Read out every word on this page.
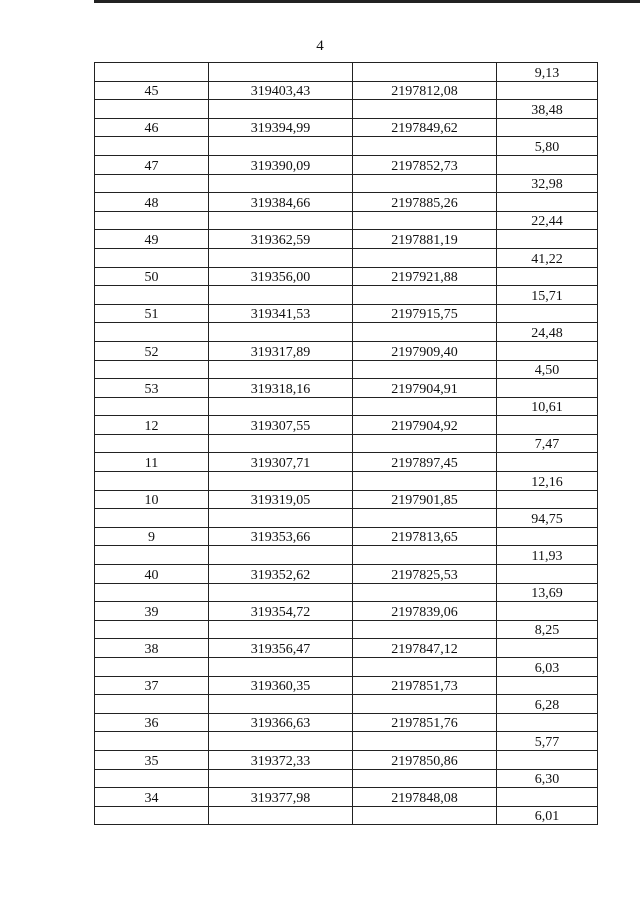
4
			9,13
45	319403,43	2197812,08	
			38,48
46	319394,99	2197849,62	
			5,80
47	319390,09	2197852,73	
			32,98
48	319384,66	2197885,26	
			22,44
49	319362,59	2197881,19	
			41,22
50	319356,00	2197921,88	
			15,71
51	319341,53	2197915,75	
			24,48
52	319317,89	2197909,40	
			4,50
53	319318,16	2197904,91	
			10,61
12	319307,55	2197904,92	
			7,47
11	319307,71	2197897,45	
			12,16
10	319319,05	2197901,85	
			94,75
9	319353,66	2197813,65	
			11,93
40	319352,62	2197825,53	
			13,69
39	319354,72	2197839,06	
			8,25
38	319356,47	2197847,12	
			6,03
37	319360,35	2197851,73	
			6,28
36	319366,63	2197851,76	
			5,77
35	319372,33	2197850,86	
			6,30
34	319377,98	2197848,08	
			6,01
